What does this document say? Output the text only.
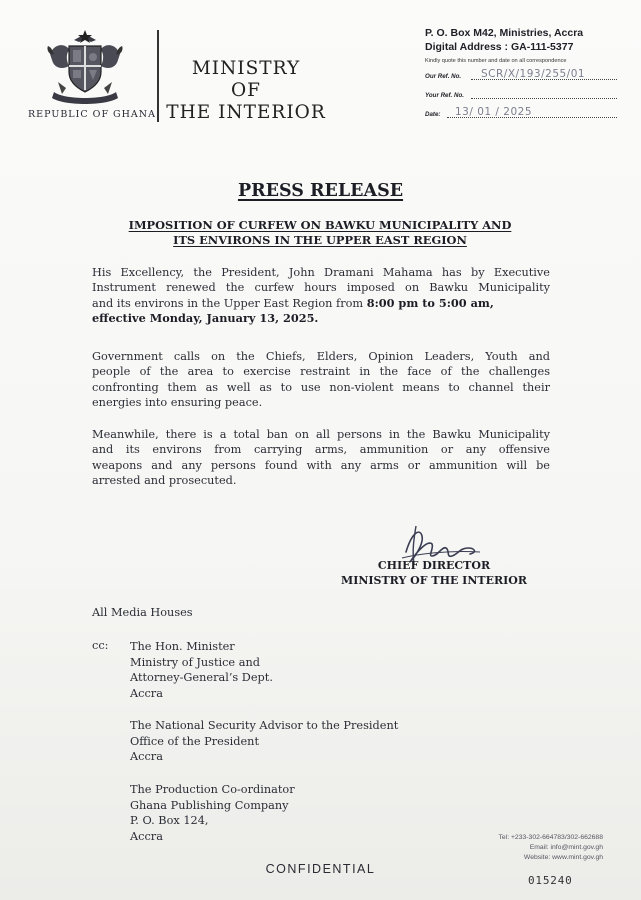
REPUBLIC OF GHANA
MINISTRY
OF
THE INTERIOR
P. O. Box M42, Ministries, Accra
Digital Address : GA-111-5377
Kindly quote this number and date on all correspondence
Our Ref. No. SCR/X/193/255/01
Your Ref. No.
Date: 13/ 01 / 2025
PRESS RELEASE
IMPOSITION OF CURFEW ON BAWKU MUNICIPALITY AND
ITS ENVIRONS IN THE UPPER EAST REGION
His Excellency, the President, John Dramani Mahama has by Executive
Instrument renewed the curfew hours imposed on Bawku Municipality
and its environs in the Upper East Region from 8:00 pm to 5:00 am,
effective Monday, January 13, 2025.
Government calls on the Chiefs, Elders, Opinion Leaders, Youth and
people of the area to exercise restraint in the face of the challenges
confronting them as well as to use non-violent means to channel their
energies into ensuring peace.
Meanwhile, there is a total ban on all persons in the Bawku Municipality
and its environs from carrying arms, ammunition or any offensive
weapons and any persons found with any arms or ammunition will be
arrested and prosecuted.
CHIEF DIRECTOR
MINISTRY OF THE INTERIOR
All Media Houses
cc: The Hon. Minister
Ministry of Justice and
Attorney-General’s Dept.
Accra
The National Security Advisor to the President
Office of the President
Accra
The Production Co-ordinator
Ghana Publishing Company
P. O. Box 124,
Accra	Tel: +233-302-664783/302-662688
Email: info@mint.gov.gh
Website: www.mint.gov.gh
CONFIDENTIAL
015240
